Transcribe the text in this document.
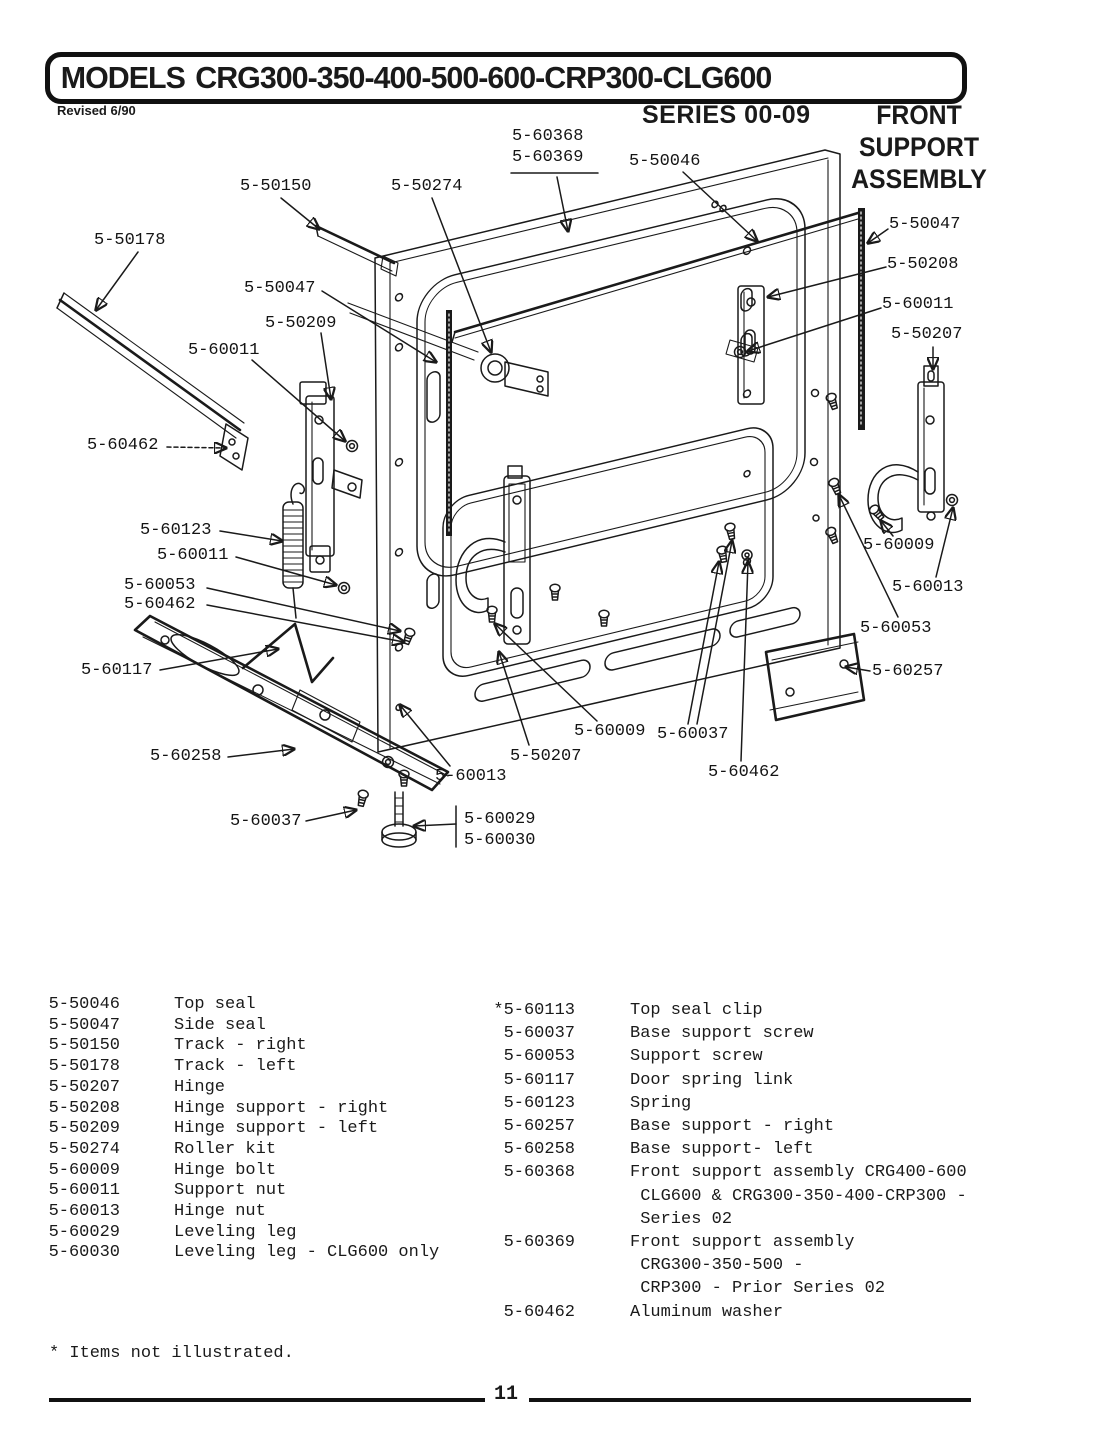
MODELS CRG300-350-400-500-600-CRP300-CLG600
Revised 6/90	SERIES 00-09	FRONT
SUPPORT
ASSEMBLY
5-60368
5-60369	5-50046
5-50150	5-50274
5-50178
5-50047
5-50209
5-60011
5-60462
5-60123
5-60011
5-60053
5-60462
5-60117
5-60258
5-60037
5-60013
5-50207
5-60009 5-60037
5-60462
5-60029
5-60030
5-50047
5-50208
5-60011
5-50207
5-60009
5-60013
5-60053
5-60257
5-50046	Top seal
5-50047	Side seal
5-50150	Track - right
5-50178	Track - left
5-50207	Hinge
5-50208	Hinge support - right
5-50209	Hinge support - left
5-50274	Roller kit
5-60009	Hinge bolt
5-60011	Support nut
5-60013	Hinge nut
5-60029	Leveling leg
5-60030	Leveling leg - CLG600 only
*5-60113	Top seal clip
5-60037	Base support screw
5-60053	Support screw
5-60117	Door spring link
5-60123	Spring
5-60257	Base support - right
5-60258	Base support- left
5-60368	Front support assembly CRG400-600
CLG600 & CRG300-350-400-CRP300 -
Series 02
5-60369	Front support assembly
CRG300-350-500 -
CRP300 - Prior Series 02
5-60462	Aluminum washer
* Items not illustrated.
11
